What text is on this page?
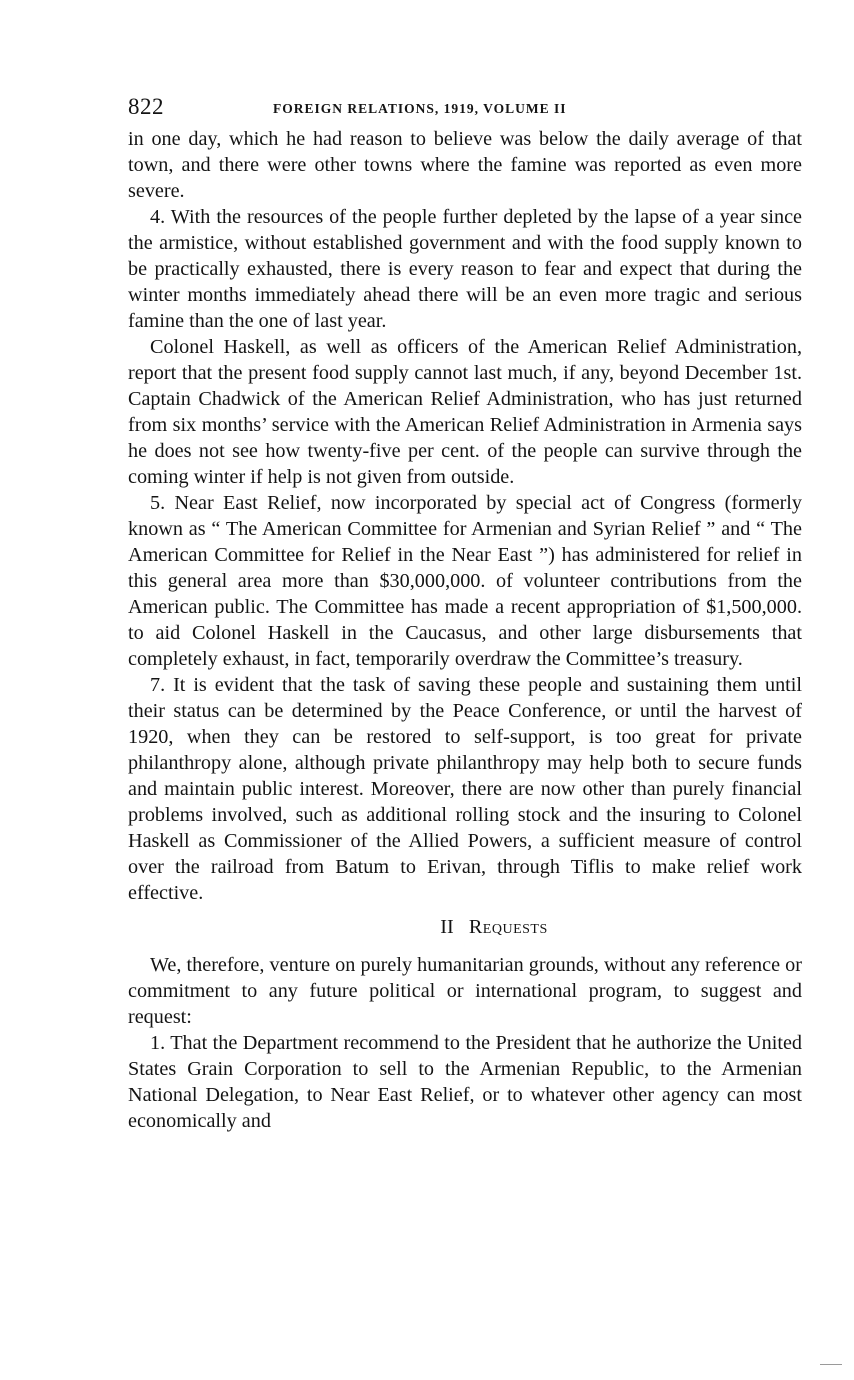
822	FOREIGN RELATIONS, 1919, VOLUME II

in one day, which he had reason to believe was below the daily average of that town, and there were other towns where the famine was reported as even more severe.

4. With the resources of the people further depleted by the lapse of a year since the armistice, without established government and with the food supply known to be practically exhausted, there is every reason to fear and expect that during the winter months immediately ahead there will be an even more tragic and serious famine than the one of last year.

Colonel Haskell, as well as officers of the American Relief Administration, report that the present food supply cannot last much, if any, beyond December 1st. Captain Chadwick of the American Relief Administration, who has just returned from six months’ service with the American Relief Administration in Armenia says he does not see how twenty-five per cent. of the people can survive through the coming winter if help is not given from outside.

5. Near East Relief, now incorporated by special act of Congress (formerly known as “ The American Committee for Armenian and Syrian Relief ” and “ The American Committee for Relief in the Near East ”) has administered for relief in this general area more than $30,000,000. of volunteer contributions from the American public. The Committee has made a recent appropriation of $1,500,000. to aid Colonel Haskell in the Caucasus, and other large disbursements that completely exhaust, in fact, temporarily overdraw the Committee’s treasury.

7. It is evident that the task of saving these people and sustaining them until their status can be determined by the Peace Conference, or until the harvest of 1920, when they can be restored to self-support, is too great for private philanthropy alone, although private philanthropy may help both to secure funds and maintain public interest. Moreover, there are now other than purely financial problems involved, such as additional rolling stock and the insuring to Colonel Haskell as Commissioner of the Allied Powers, a sufficient measure of control over the railroad from Batum to Erivan, through Tiflis to make relief work effective.

II Requests

We, therefore, venture on purely humanitarian grounds, without any reference or commitment to any future political or international program, to suggest and request:

1. That the Department recommend to the President that he authorize the United States Grain Corporation to sell to the Armenian Republic, to the Armenian National Delegation, to Near East Relief, or to whatever other agency can most economically and
